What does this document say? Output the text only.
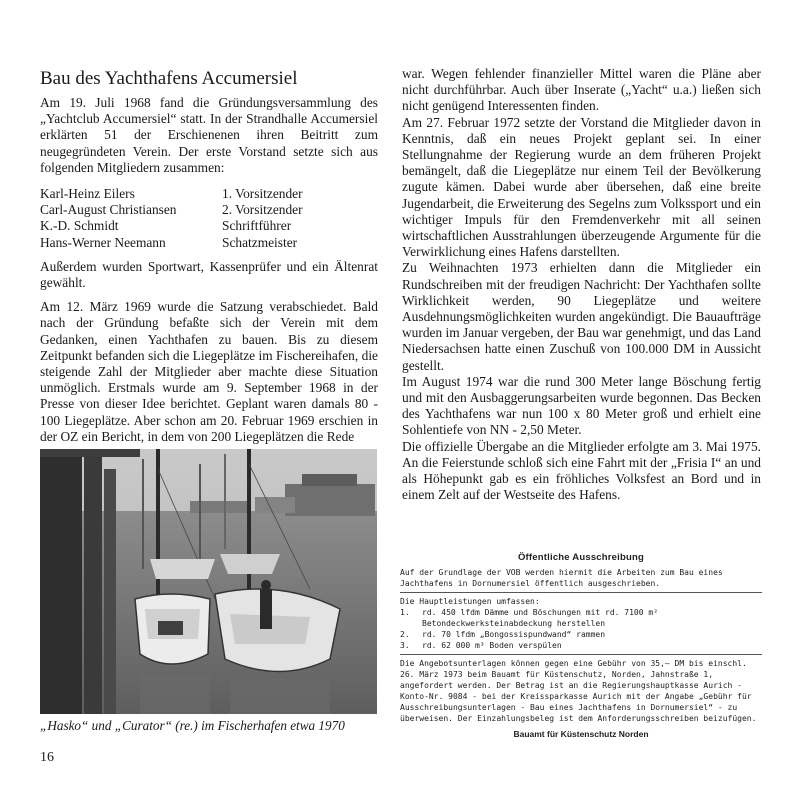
Bau des Yachthafens Accumersiel

Am 19. Juli 1968 fand die Gründungsversammlung des „Yachtclub Accumersiel“ statt. In der Strandhalle Accumersiel erklärten 51 der Erschienenen ihren Beitritt zum neugegründeten Verein. Der erste Vorstand setzte sich aus folgenden Mitgliedern zusammen:

Karl-Heinz Eilers	1. Vorsitzender
Carl-August Christiansen	2. Vorsitzender
K.-D. Schmidt	Schriftführer
Hans-Werner Neemann	Schatzmeister

Außerdem wurden Sportwart, Kassenprüfer und ein Ältenrat gewählt.

Am 12. März 1969 wurde die Satzung verabschiedet. Bald nach der Gründung befaßte sich der Verein mit dem Gedanken, einen Yachthafen zu bauen. Bis zu diesem Zeitpunkt befanden sich die Liegeplätze im Fischereihafen, die steigende Zahl der Mitglieder aber machte diese Situation unmöglich. Erstmals wurde am 9. September 1968 in der Presse von dieser Idee berichtet. Geplant waren damals 80 - 100 Liegeplätze. Aber schon am 20. Februar 1969 erschien in der OZ ein Bericht, in dem von 200 Liegeplätzen die Rede

„Hasko“ und „Curator“ (re.) im Fischerhafen etwa 1970
16

war. Wegen fehlender finanzieller Mittel waren die Pläne aber nicht durchführbar. Auch über Inserate („Yacht“ u.a.) ließen sich nicht genügend Interessenten finden.

Am 27. Februar 1972 setzte der Vorstand die Mitglieder davon in Kenntnis, daß ein neues Projekt geplant sei. In einer Stellungnahme der Regierung wurde an dem früheren Projekt bemängelt, daß die Liegeplätze nur einem Teil der Bevölkerung zugute kämen. Dabei wurde aber übersehen, daß eine breite Jugendarbeit, die Erweiterung des Segelns zum Volkssport und ein wichtiger Impuls für den Fremdenverkehr mit all seinen wirtschaftlichen Ausstrahlungen überzeugende Argumente für die Verwirklichung eines Hafens darstellten.

Zu Weihnachten 1973 erhielten dann die Mitglieder ein Rundschreiben mit der freudigen Nachricht: Der Yachthafen sollte Wirklichkeit werden, 90 Liegeplätze und weitere Ausdehnungsmöglichkeiten wurden angekündigt. Die Bauaufträge wurden im Januar vergeben, der Bau war genehmigt, und das Land Niedersachsen hatte einen Zuschuß von 100.000 DM in Aussicht gestellt.

Im August 1974 war die rund 300 Meter lange Böschung fertig und mit den Ausbaggerungsarbeiten wurde begonnen. Das Becken des Yachthafens war nun 100 x 80 Meter groß und erhielt eine Sohlentiefe von NN - 2,50 Meter.

Die offizielle Übergabe an die Mitglieder erfolgte am 3. Mai 1975. An die Feierstunde schloß sich eine Fahrt mit der „Frisia I“ an und als Höhepunkt gab es ein fröhliches Volksfest an Bord und in einem Zelt auf der Westseite des Hafens.

Öffentliche Ausschreibung

Auf der Grundlage der VOB werden hiermit die Arbeiten zum Bau eines Jachthafens in Dornumersiel öffentlich ausgeschrieben.

Die Hauptleistungen umfassen:

1.	rd. 450 lfdm Dämme und Böschungen mit rd. 7100 m² Betondeckwerksteinabdeckung herstellen
2.	rd. 70 lfdm „Bongossispundwand“ rammen
3.	rd. 62 000 m³ Boden verspülen

Die Angebotsunterlagen können gegen eine Gebühr von 35,— DM bis einschl. 26. März 1973 beim Bauamt für Küstenschutz, Norden, Jahnstraße 1, angefordert werden. Der Betrag ist an die Regierungshauptkasse Aurich - Konto-Nr. 9084 - bei der Kreissparkasse Aurich mit der Angabe „Gebühr für Ausschreibungsunterlagen - Bau eines Jachthafens in Dornumersiel“ - zu überweisen. Der Einzahlungsbeleg ist dem Anforderungsschreiben beizufügen.

Bauamt für Küstenschutz Norden
